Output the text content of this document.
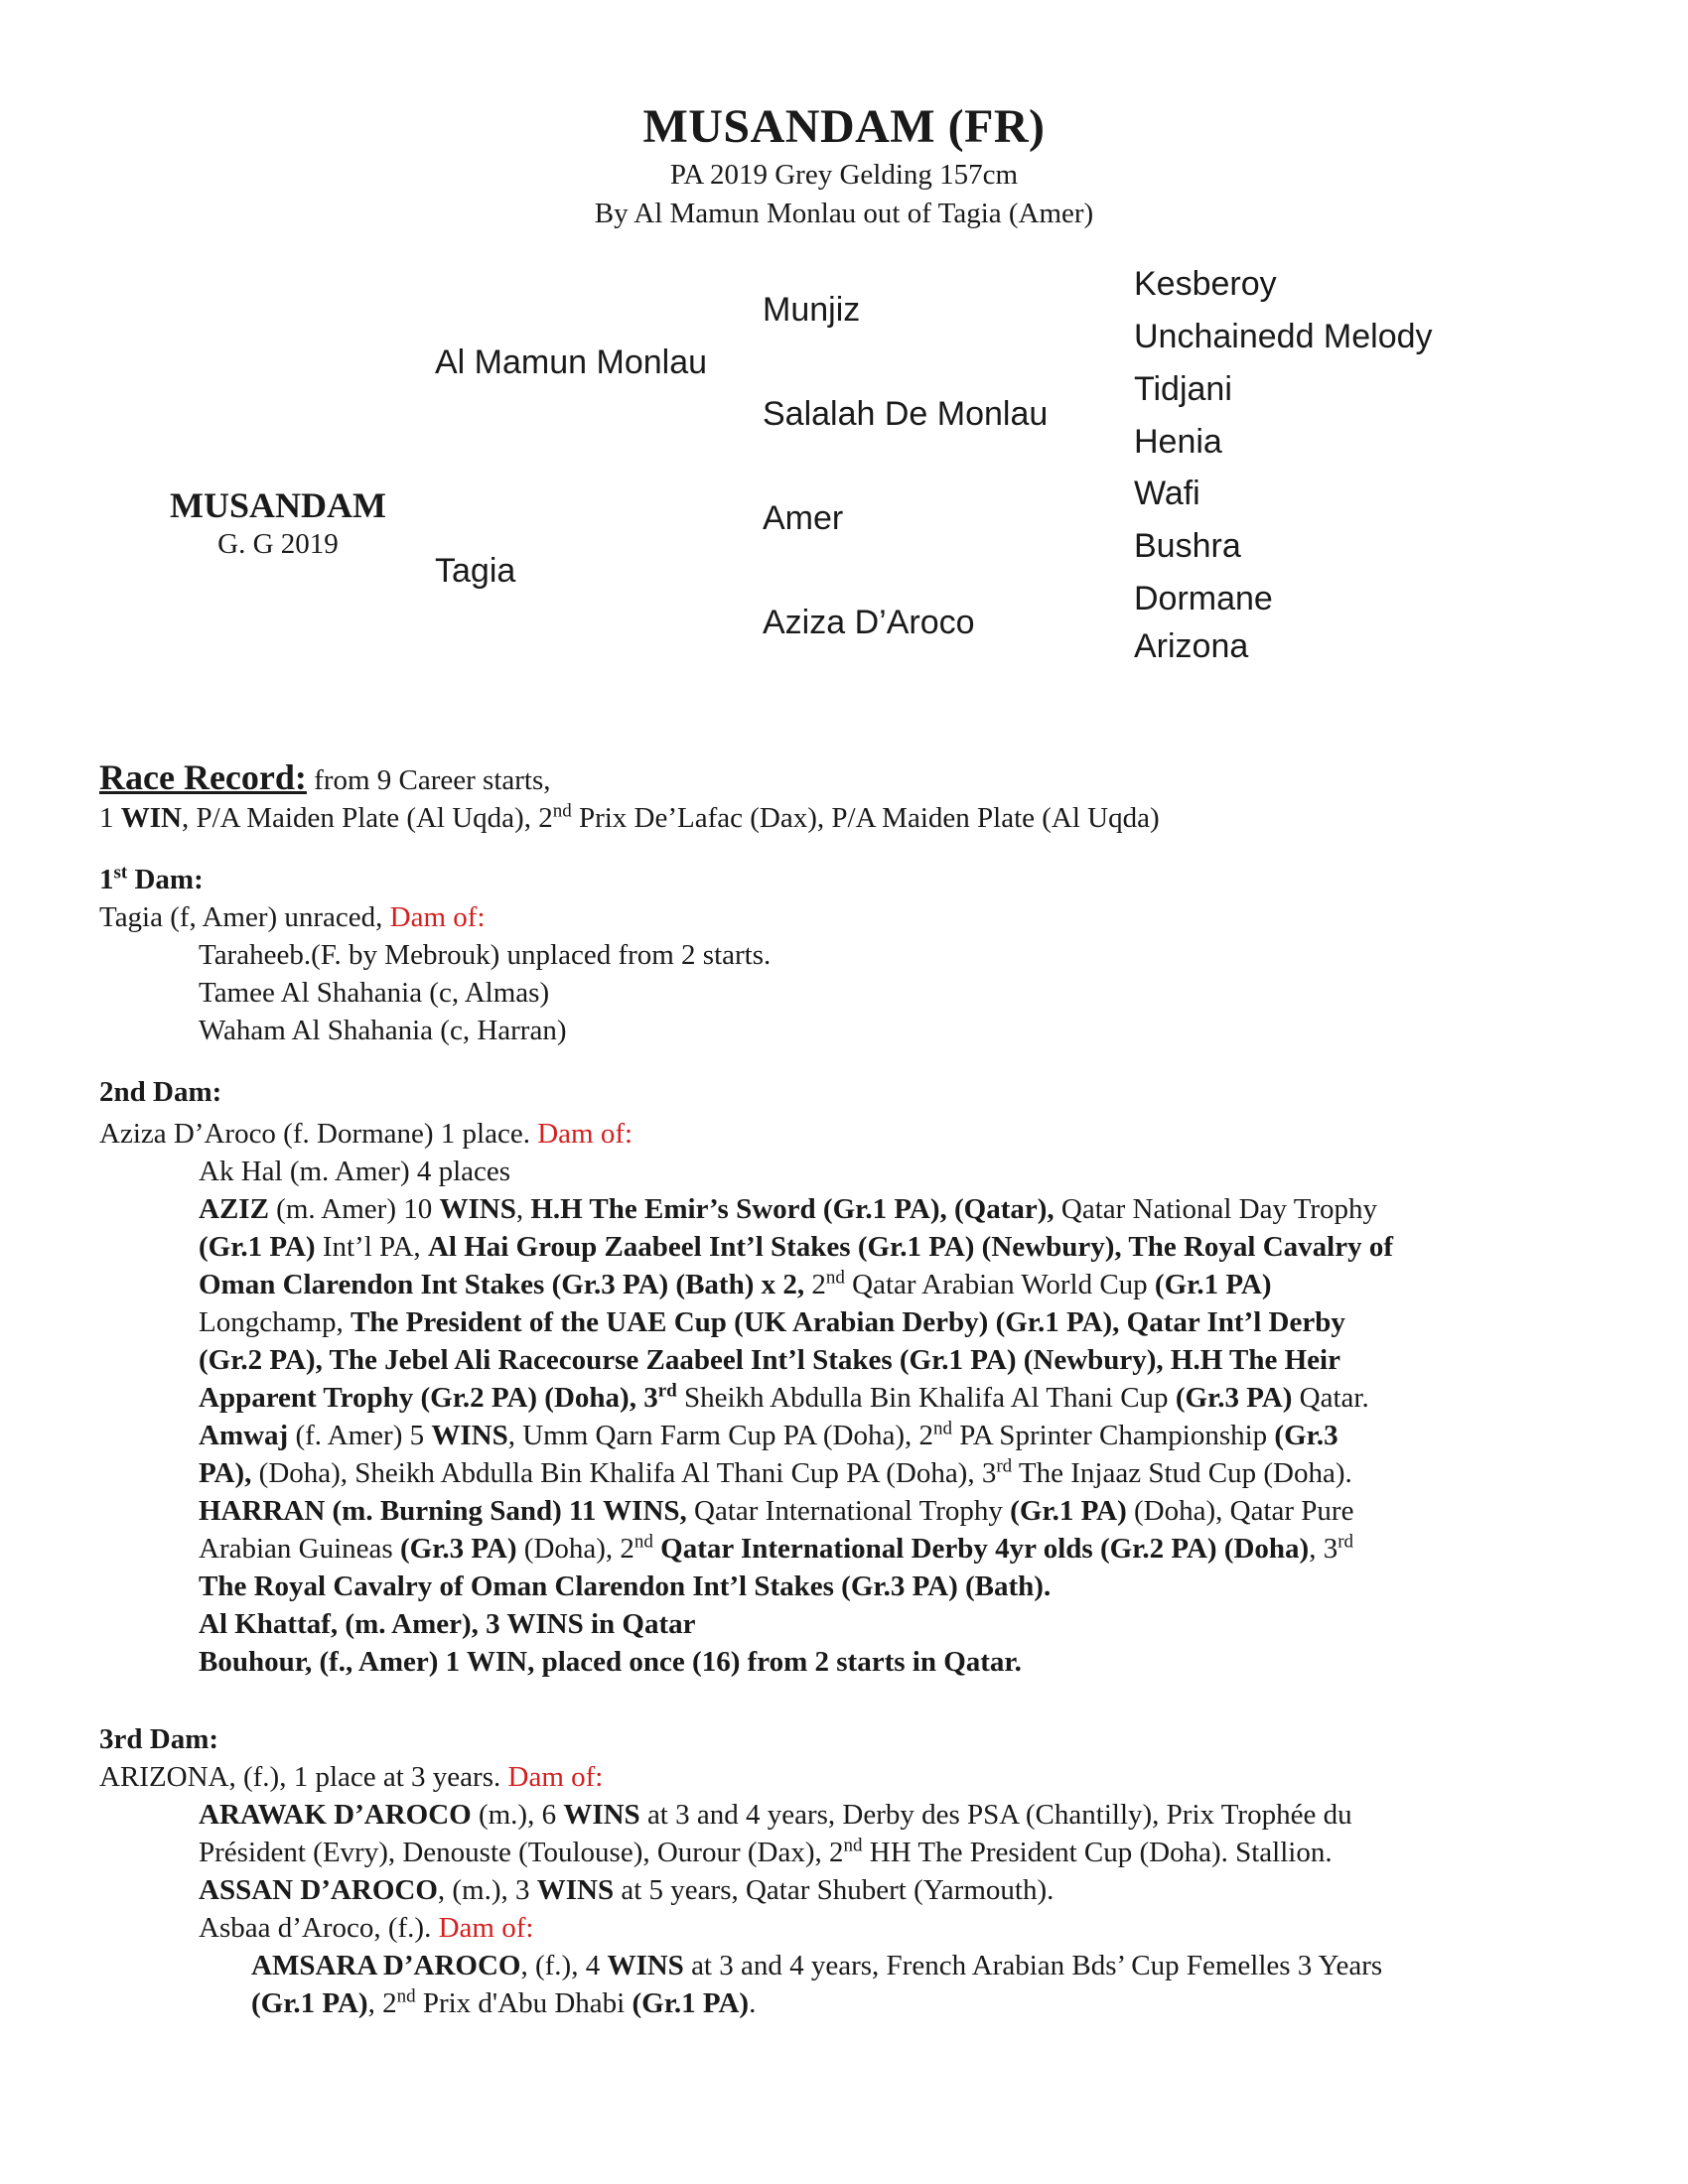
MUSANDAM (FR)
PA 2019 Grey Gelding 157cm
By Al Mamun Monlau out of Tagia (Amer)
MUSANDAM
G. G 2019
Al Mamun Monlau
Tagia
Munjiz
Salalah De Monlau
Amer
Aziza D’Aroco
Kesberoy
Unchainedd Melody
Tidjani
Henia
Wafi
Bushra
Dormane
Arizona
Race Record: from 9 Career starts,
1 WIN, P/A Maiden Plate (Al Uqda), 2nd Prix De’Lafac (Dax), P/A Maiden Plate (Al Uqda)
1st Dam:
Tagia (f, Amer) unraced, Dam of:
Taraheeb.(F. by Mebrouk) unplaced from 2 starts.
Tamee Al Shahania (c, Almas)
Waham Al Shahania (c, Harran)
2nd Dam:
Aziza D’Aroco (f. Dormane) 1 place. Dam of:
Ak Hal (m. Amer) 4 places
AZIZ (m. Amer) 10 WINS, H.H The Emir’s Sword (Gr.1 PA), (Qatar), Qatar National Day Trophy
(Gr.1 PA) Int’l PA, Al Hai Group Zaabeel Int’l Stakes (Gr.1 PA) (Newbury), The Royal Cavalry of
Oman Clarendon Int Stakes (Gr.3 PA) (Bath) x 2, 2nd Qatar Arabian World Cup (Gr.1 PA)
Longchamp, The President of the UAE Cup (UK Arabian Derby) (Gr.1 PA), Qatar Int’l Derby
(Gr.2 PA), The Jebel Ali Racecourse Zaabeel Int’l Stakes (Gr.1 PA) (Newbury), H.H The Heir
Apparent Trophy (Gr.2 PA) (Doha), 3rd Sheikh Abdulla Bin Khalifa Al Thani Cup (Gr.3 PA) Qatar.
Amwaj (f. Amer) 5 WINS, Umm Qarn Farm Cup PA (Doha), 2nd PA Sprinter Championship (Gr.3
PA), (Doha), Sheikh Abdulla Bin Khalifa Al Thani Cup PA (Doha), 3rd The Injaaz Stud Cup (Doha).
HARRAN (m. Burning Sand) 11 WINS, Qatar International Trophy (Gr.1 PA) (Doha), Qatar Pure
Arabian Guineas (Gr.3 PA) (Doha), 2nd Qatar International Derby 4yr olds (Gr.2 PA) (Doha), 3rd
The Royal Cavalry of Oman Clarendon Int’l Stakes (Gr.3 PA) (Bath).
Al Khattaf, (m. Amer), 3 WINS in Qatar
Bouhour, (f., Amer) 1 WIN, placed once (16) from 2 starts in Qatar.
3rd Dam:
ARIZONA, (f.), 1 place at 3 years. Dam of:
ARAWAK D’AROCO (m.), 6 WINS at 3 and 4 years, Derby des PSA (Chantilly), Prix Trophée du
Président (Evry), Denouste (Toulouse), Ourour (Dax), 2nd HH The President Cup (Doha). Stallion.
ASSAN D’AROCO, (m.), 3 WINS at 5 years, Qatar Shubert (Yarmouth).
Asbaa d’Aroco, (f.). Dam of:
AMSARA D’AROCO, (f.), 4 WINS at 3 and 4 years, French Arabian Bds’ Cup Femelles 3 Years
(Gr.1 PA), 2nd Prix d'Abu Dhabi (Gr.1 PA).
